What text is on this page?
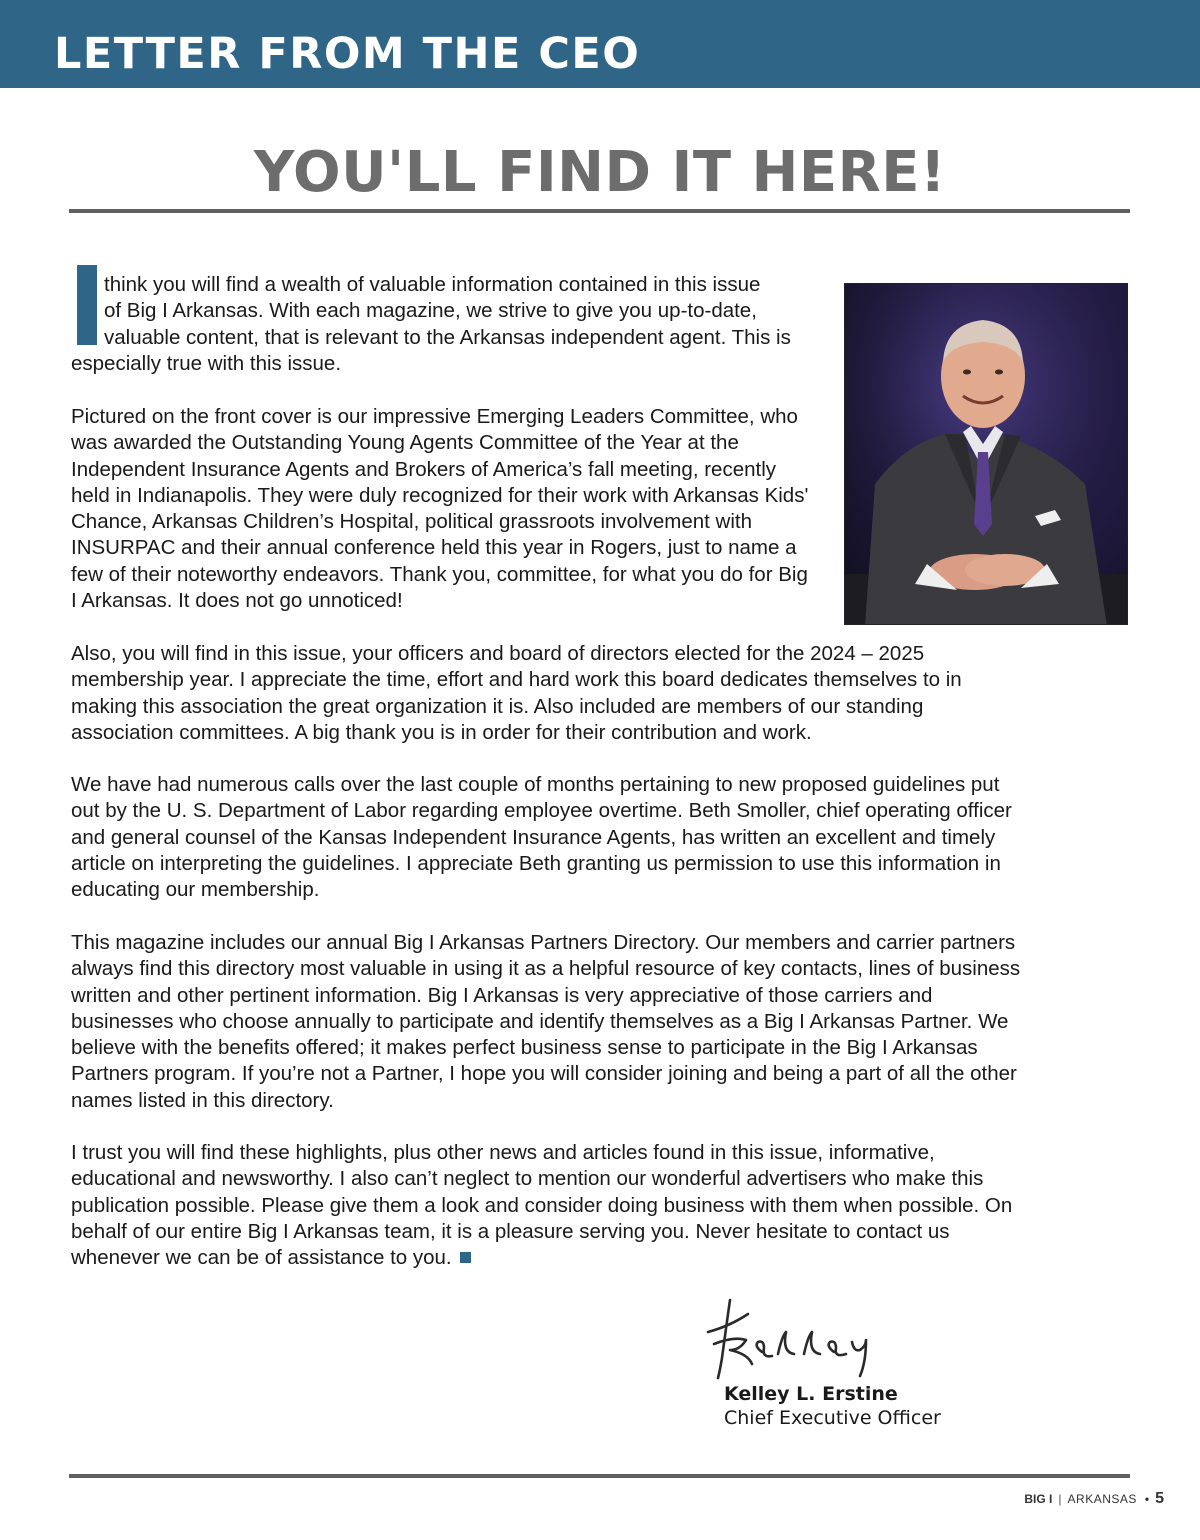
LETTER FROM THE CEO
YOU'LL FIND IT HERE!

think you will find a wealth of valuable information contained in this issue
of Big I Arkansas. With each magazine, we strive to give you up-to-date,
valuable content, that is relevant to the Arkansas independent agent. This is
especially true with this issue.

Pictured on the front cover is our impressive Emerging Leaders Committee, who was awarded the Outstanding Young Agents Committee of the Year at the Independent Insurance Agents and Brokers of America’s fall meeting, recently held in Indianapolis. They were duly recognized for their work with Arkansas Kids' Chance, Arkansas Children’s Hospital, political grassroots involvement with INSURPAC and their annual conference held this year in Rogers, just to name a few of their noteworthy endeavors. Thank you, committee, for what you do for Big I Arkansas. It does not go unnoticed!

Also, you will find in this issue, your officers and board of directors elected for the 2024 – 2025 membership year. I appreciate the time, effort and hard work this board dedicates themselves to in making this association the great organization it is. Also included are members of our standing association committees. A big thank you is in order for their contribution and work.

We have had numerous calls over the last couple of months pertaining to new proposed guidelines put out by the U. S. Department of Labor regarding employee overtime. Beth Smoller, chief operating officer and general counsel of the Kansas Independent Insurance Agents, has written an excellent and timely article on interpreting the guidelines. I appreciate Beth granting us permission to use this information in educating our membership.

This magazine includes our annual Big I Arkansas Partners Directory. Our members and carrier partners always find this directory most valuable in using it as a helpful resource of key contacts, lines of business written and other pertinent information. Big I Arkansas is very appreciative of those carriers and businesses who choose annually to participate and identify themselves as a Big I Arkansas Partner. We believe with the benefits offered; it makes perfect business sense to participate in the Big I Arkansas Partners program. If you’re not a Partner, I hope you will consider joining and being a part of all the other names listed in this directory.

I trust you will find these highlights, plus other news and articles found in this issue, informative, educational and newsworthy. I also can’t neglect to mention our wonderful advertisers who make this publication possible. Please give them a look and consider doing business with them when possible. On behalf of our entire Big I Arkansas team, it is a pleasure serving you. Never hesitate to contact us whenever we can be of assistance to you.

Kelley L. Erstine
Chief Executive Officer
BIG I | ARKANSAS • 5
